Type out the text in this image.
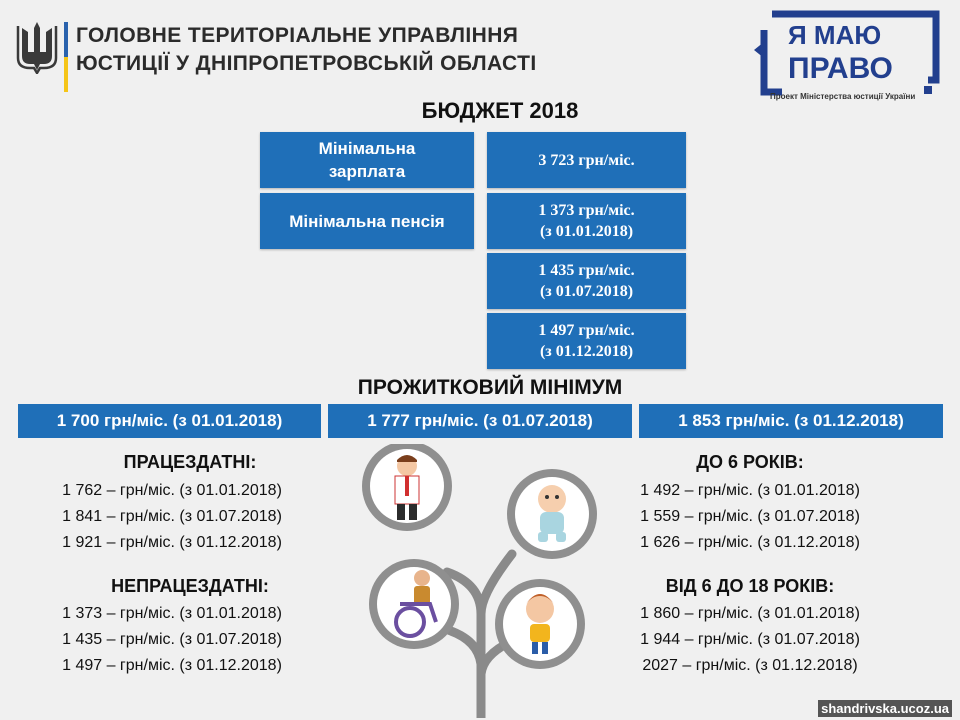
ГОЛОВНЕ ТЕРИТОРІАЛЬНЕ УПРАВЛІННЯ
ЮСТИЦІЇ У ДНІПРОПЕТРОВСЬКІЙ ОБЛАСТІ
Я МАЮ
ПРАВО
Проект Міністерства юстиції України
БЮДЖЕТ 2018
Мінімальна
зарплата
3 723 грн/міс.
Мінімальна пенсія
1 373 грн/міс.
(з 01.01.2018)
1 435 грн/міс.
(з 01.07.2018)
1 497 грн/міс.
(з 01.12.2018)
ПРОЖИТКОВИЙ МІНІМУМ
1 700 грн/міс. (з 01.01.2018)	1 777 грн/міс. (з 01.07.2018)	1 853 грн/міс. (з 01.12.2018)
ПРАЦЕЗДАТНІ:
1 762 – грн/міс. (з 01.01.2018)
1 841 – грн/міс. (з 01.07.2018)
1 921 – грн/міс. (з 01.12.2018)
НЕПРАЦЕЗДАТНІ:
1 373 – грн/міс. (з 01.01.2018)
1 435 – грн/міс. (з 01.07.2018)
1 497 – грн/міс. (з 01.12.2018)
ДО 6 РОКІВ:
1 492 – грн/міс. (з 01.01.2018)
1 559 – грн/міс. (з 01.07.2018)
1 626 – грн/міс. (з 01.12.2018)
ВІД 6 ДО 18 РОКІВ:
1 860 – грн/міс. (з 01.01.2018)
1 944 – грн/міс. (з 01.07.2018)
2027 – грн/міс. (з 01.12.2018)
shandrivska.ucoz.ua
